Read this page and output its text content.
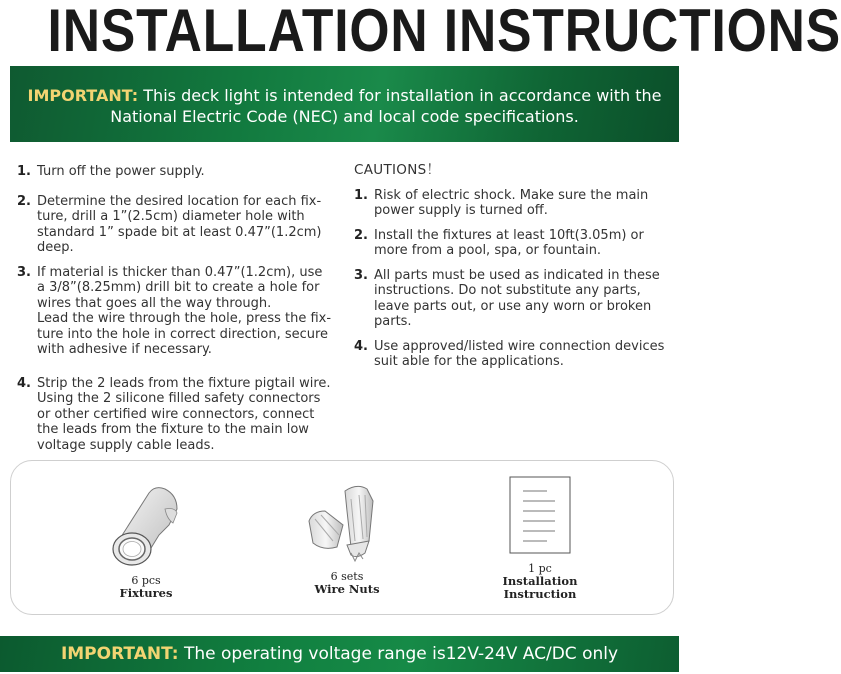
INSTALLATION INSTRUCTIONS
IMPORTANT: This deck light is intended for installation in accordance with the
National Electric Code (NEC) and local code specifications.
1. Turn off the power supply.
2. Determine the desired location for each fix-
ture, drill a 1”(2.5cm) diameter hole with
standard 1” spade bit at least 0.47”(1.2cm)
deep.
3. If material is thicker than 0.47”(1.2cm), use
a 3/8”(8.25mm) drill bit to create a hole for
wires that goes all the way through.
Lead the wire through the hole, press the fix-
ture into the hole in correct direction, secure
with adhesive if necessary.
4. Strip the 2 leads from the fixture pigtail wire.
Using the 2 silicone filled safety connectors
or other certified wire connectors, connect
the leads from the fixture to the main low
voltage supply cable leads.
CAUTIONS！
1. Risk of electric shock. Make sure the main
power supply is turned off.
2. Install the fixtures at least 10ft(3.05m) or
more from a pool, spa, or fountain.
3. All parts must be used as indicated in these
instructions. Do not substitute any parts,
leave parts out, or use any worn or broken
parts.
4. Use approved/listed wire connection devices
suit able for the applications.
6 pcs
Fixtures
6 sets
Wire Nuts
1 pc
Installation
Instruction
IMPORTANT: The operating voltage range is12V-24V AC/DC only
